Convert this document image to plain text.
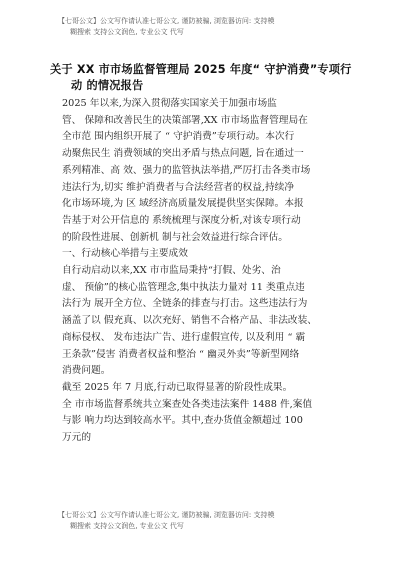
【七哥公文】公文写作请认准七哥公文, 谨防被骗, 浏览器访问: 支持模
糊搜索 支持公文润色, 专业公文 代写
关于 XX 市市场监督管理局 2025 年度“ 守护消费”专项行
动 的情况报告

2025 年以来,为深入贯彻落实国家关于加强市场监

管、 保障和改善民生的决策部署,XX 市市场监督管理局在

全市范 围内组织开展了 “ 守护消费”专项行动。本次行

动聚焦民生 消费领域的突出矛盾与热点问题, 旨在通过一

系列精准、高 效、强力的监管执法举措,严厉打击各类市场

违法行为,切实 维护消费者与合法经营者的权益,持续净

化市场环境,为 区 域经济高质量发展提供坚实保障。本报

告基于对公开信息的 系统梳理与深度分析,对该专项行动

的阶段性进展、创新机 制与社会效益进行综合评估。

一、行动核心举措与主要成效

自行动启动以来,XX 市市监局秉持“打假、处劣、治

虚、 预偷”的核心监管理念,集中执法力量对 11 类重点违

法行为 展开全方位、全链条的排查与打击。这些违法行为

涵盖了以 假充真、以次充好、销售不合格产品、非法改装、

商标侵权、 发布违法广告、进行虚假宣传, 以及利用 “ 霸

王条款”侵害 消费者权益和整治 “ 幽灵外卖”等新型网络

消费问题。

截至 2025 年 7 月底,行动已取得显著的阶段性成果。

全 市市场监督系统共立案查处各类违法案件 1488 件,案值

与影 响力均达到较高水平。其中,查办货值金额超过 100

万元的

【七哥公文】公文写作请认准七哥公文, 谨防被骗, 浏览器访问: 支持模
糊搜索 支持公文润色, 专业公文 代写
